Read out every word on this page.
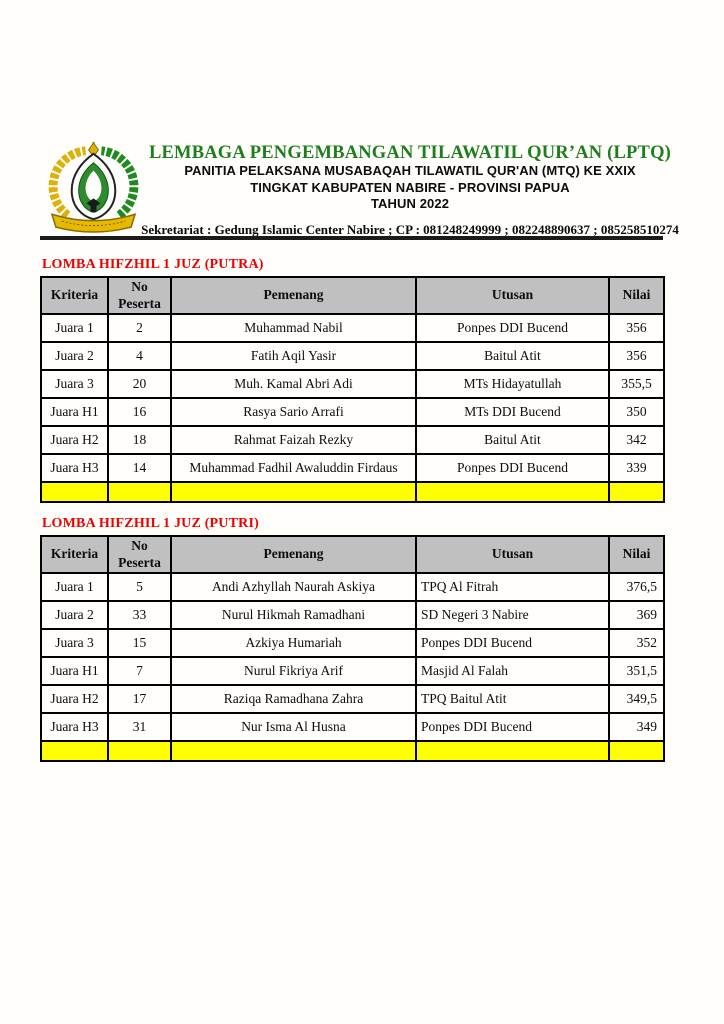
LEMBAGA PENGEMBANGAN TILAWATIL QUR’AN (LPTQ)
PANITIA PELAKSANA MUSABAQAH TILAWATIL QUR'AN (MTQ) KE XXIX
TINGKAT KABUPATEN NABIRE - PROVINSI PAPUA
TAHUN 2022
Sekretariat : Gedung Islamic Center Nabire ; CP : 081248249999 ; 082248890637 ; 085258510274
LOMBA HIFZHIL 1 JUZ (PUTRA)
Kriteria	No Peserta	Pemenang	Utusan	Nilai
Juara 1	2	Muhammad Nabil	Ponpes DDI Bucend	356
Juara 2	4	Fatih Aqil Yasir	Baitul Atit	356
Juara 3	20	Muh. Kamal Abri Adi	MTs Hidayatullah	355,5
Juara H1	16	Rasya Sario Arrafi	MTs DDI Bucend	350
Juara H2	18	Rahmat Faizah Rezky	Baitul Atit	342
Juara H3	14	Muhammad Fadhil Awaluddin Firdaus	Ponpes DDI Bucend	339

LOMBA HIFZHIL 1 JUZ (PUTRI)
Kriteria	No Peserta	Pemenang	Utusan	Nilai
Juara 1	5	Andi Azhyllah Naurah Askiya	TPQ Al Fitrah	376,5
Juara 2	33	Nurul Hikmah Ramadhani	SD Negeri 3 Nabire	369
Juara 3	15	Azkiya Humariah	Ponpes DDI Bucend	352
Juara H1	7	Nurul Fikriya Arif	Masjid Al Falah	351,5
Juara H2	17	Raziqa Ramadhana Zahra	TPQ Baitul Atit	349,5
Juara H3	31	Nur Isma Al Husna	Ponpes DDI Bucend	349
